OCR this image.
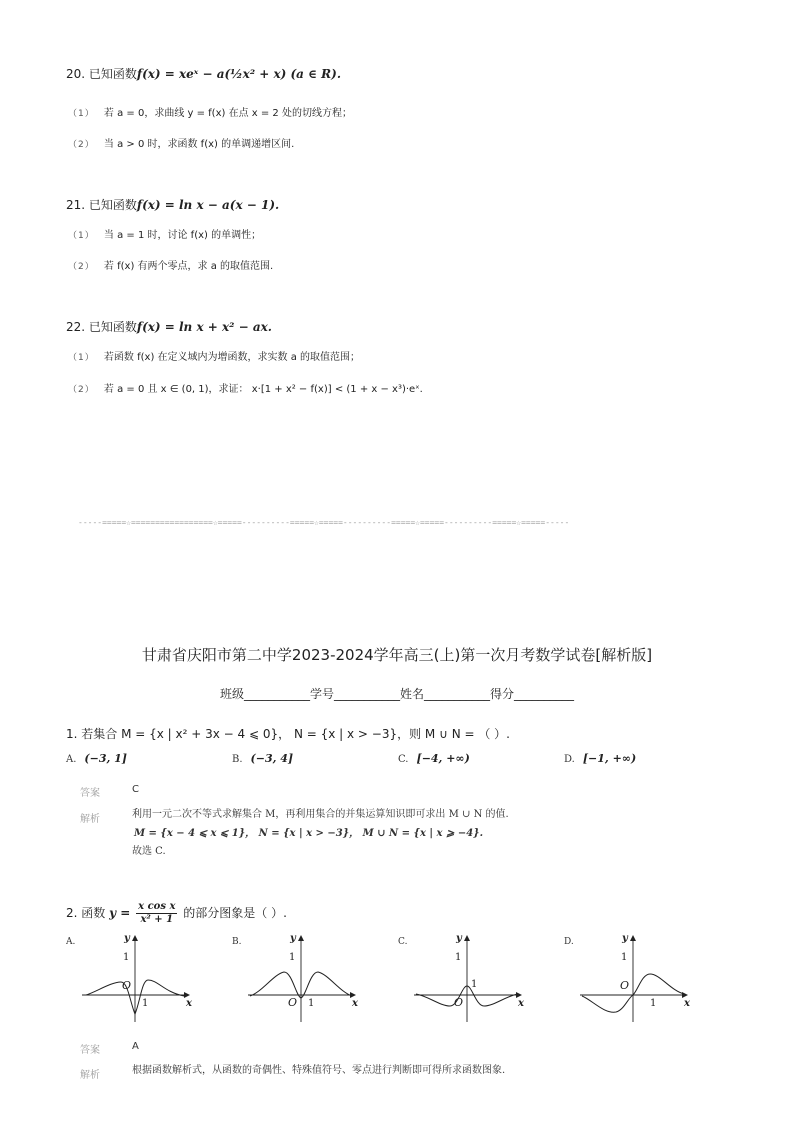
20. 已知函数f(x) = xeˣ − a(½x² + x) (a ∈ R).
（1） 若 a = 0，求曲线 y = f(x) 在点 x = 2 处的切线方程；
（2） 当 a > 0 时，求函数 f(x) 的单调递增区间.
21. 已知函数f(x) = ln x − a(x − 1).
（1） 当 a = 1 时，讨论 f(x) 的单调性；
（2） 若 f(x) 有两个零点，求 a 的取值范围.
22. 已知函数f(x) = ln x + x² − ax.
（1） 若函数 f(x) 在定义域内为增函数，求实数 a 的取值范围；
（2） 若 a = 0 且 x ∈ (0, 1)，求证： x·[1 + x² − f(x)] < (1 + x − x³)·eˣ.
-----=====☆=================☆=====----------=====☆=====----------=====☆=====----------=====☆=====-----
甘肃省庆阳市第二中学2023-2024学年高三(上)第一次月考数学试卷[解析版]
班级___________学号___________姓名___________得分__________
1. 若集合 M = {x | x² + 3x − 4 ⩽ 0}， N = {x | x > −3}，则 M ∪ N = （ ）.
A. (−3, 1]	B. (−3, 4]	C. [−4, +∞)	D. [−1, +∞)
答案	C
解析	利用一元二次不等式求解集合 M，再利用集合的并集运算知识即可求出 M ∪ N 的值.
M = {x − 4 ⩽ x ⩽ 1}， N = {x | x > −3}， M ∪ N = {x | x ⩾ −4}.
故选 C.
2. 函数 $y = \frac{\text{x cos x}}{\text{x² + 1}}$ 的部分图象是（ ）.
A.	y
x
O
1
1
B.	y
x
O
1
1
C.	y
x
O
1
1
D.	y
x
O
1
1
答案	A
解析	根据函数解析式，从函数的奇偶性、特殊值符号、零点进行判断即可得所求函数图象.
